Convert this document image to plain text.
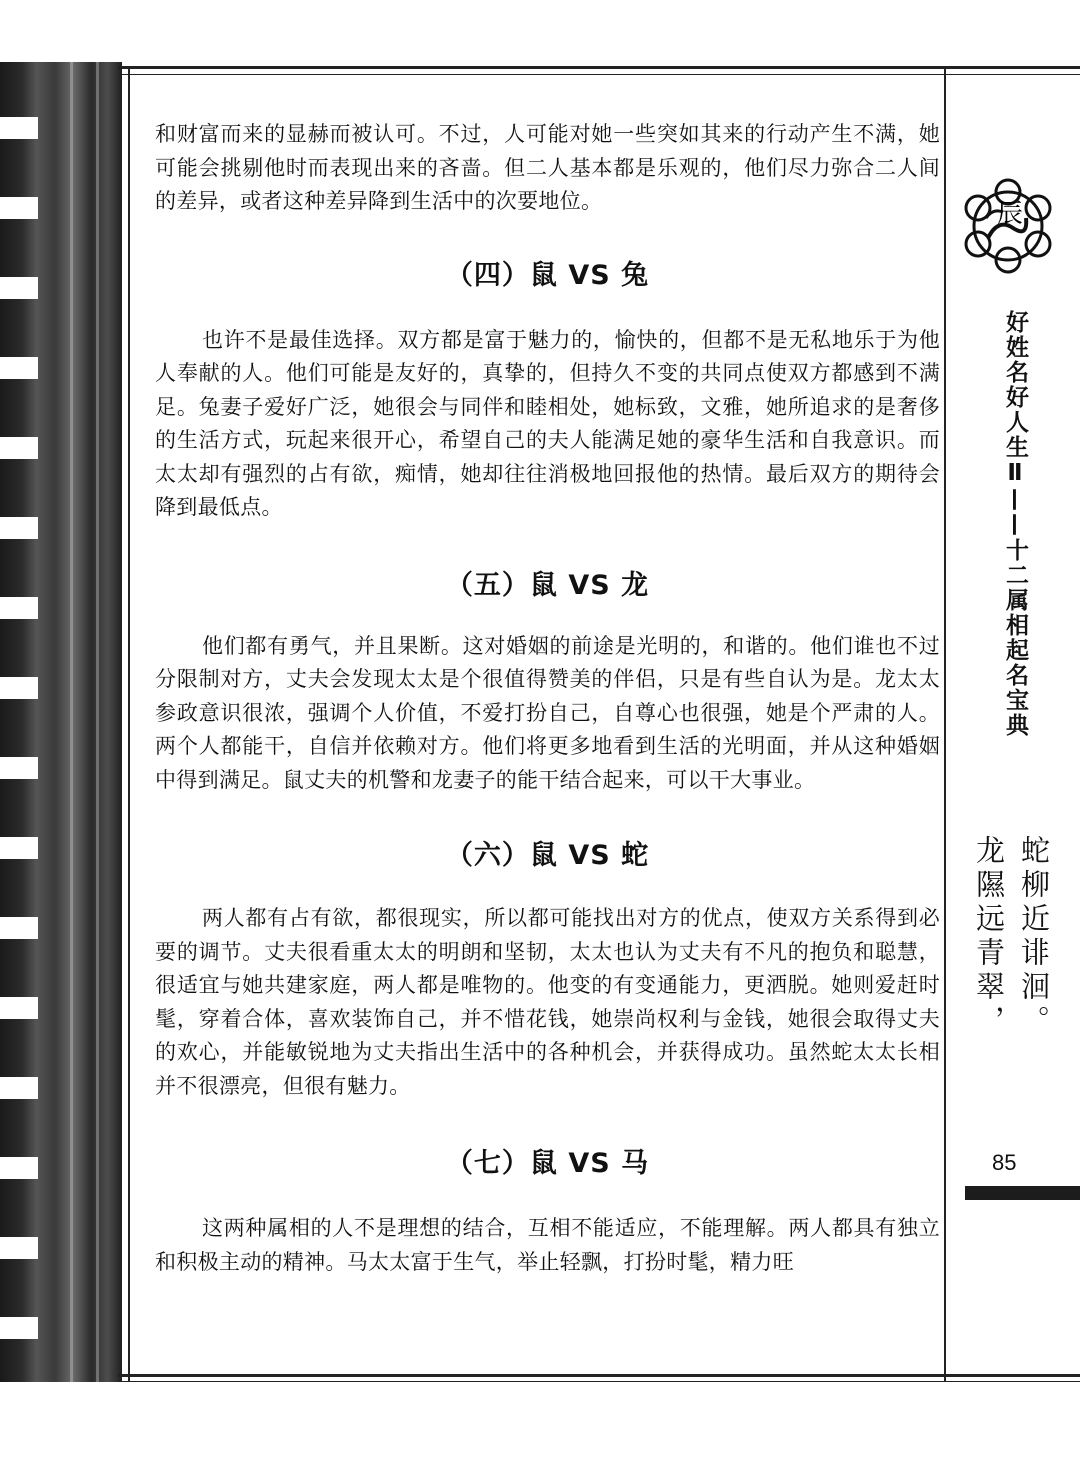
和财富而来的显赫而被认可。不过，人可能对她一些突如其来的行动产生不满，她可能会挑剔他时而表现出来的吝啬。但二人基本都是乐观的，他们尽力弥合二人间的差异，或者这种差异降到生活中的次要地位。

（四）鼠 VS 兔

也许不是最佳选择。双方都是富于魅力的，愉快的，但都不是无私地乐于为他人奉献的人。他们可能是友好的，真挚的，但持久不变的共同点使双方都感到不满足。兔妻子爱好广泛，她很会与同伴和睦相处，她标致，文雅，她所追求的是奢侈的生活方式，玩起来很开心，希望自己的夫人能满足她的豪华生活和自我意识。而太太却有强烈的占有欲，痴情，她却往往消极地回报他的热情。最后双方的期待会降到最低点。

（五）鼠 VS 龙

他们都有勇气，并且果断。这对婚姻的前途是光明的，和谐的。他们谁也不过分限制对方，丈夫会发现太太是个很值得赞美的伴侣，只是有些自认为是。龙太太参政意识很浓，强调个人价值，不爱打扮自己，自尊心也很强，她是个严肃的人。两个人都能干，自信并依赖对方。他们将更多地看到生活的光明面，并从这种婚姻中得到满足。鼠丈夫的机警和龙妻子的能干结合起来，可以干大事业。

（六）鼠 VS 蛇

两人都有占有欲，都很现实，所以都可能找出对方的优点，使双方关系得到必要的调节。丈夫很看重太太的明朗和坚韧，太太也认为丈夫有不凡的抱负和聪慧，很适宜与她共建家庭，两人都是唯物的。他变的有变通能力，更洒脱。她则爱赶时髦，穿着合体，喜欢装饰自己，并不惜花钱，她崇尚权利与金钱，她很会取得丈夫的欢心，并能敏锐地为丈夫指出生活中的各种机会，并获得成功。虽然蛇太太长相并不很漂亮，但很有魅力。

（七）鼠 VS 马

这两种属相的人不是理想的结合，互相不能适应，不能理解。两人都具有独立和积极主动的精神。马太太富于生气，举止轻飘，打扮时髦，精力旺

辰
好姓名好人生Ⅱ——十二属相起名宝典
蛇柳近诽洄。
龙隰远青翠，
85
